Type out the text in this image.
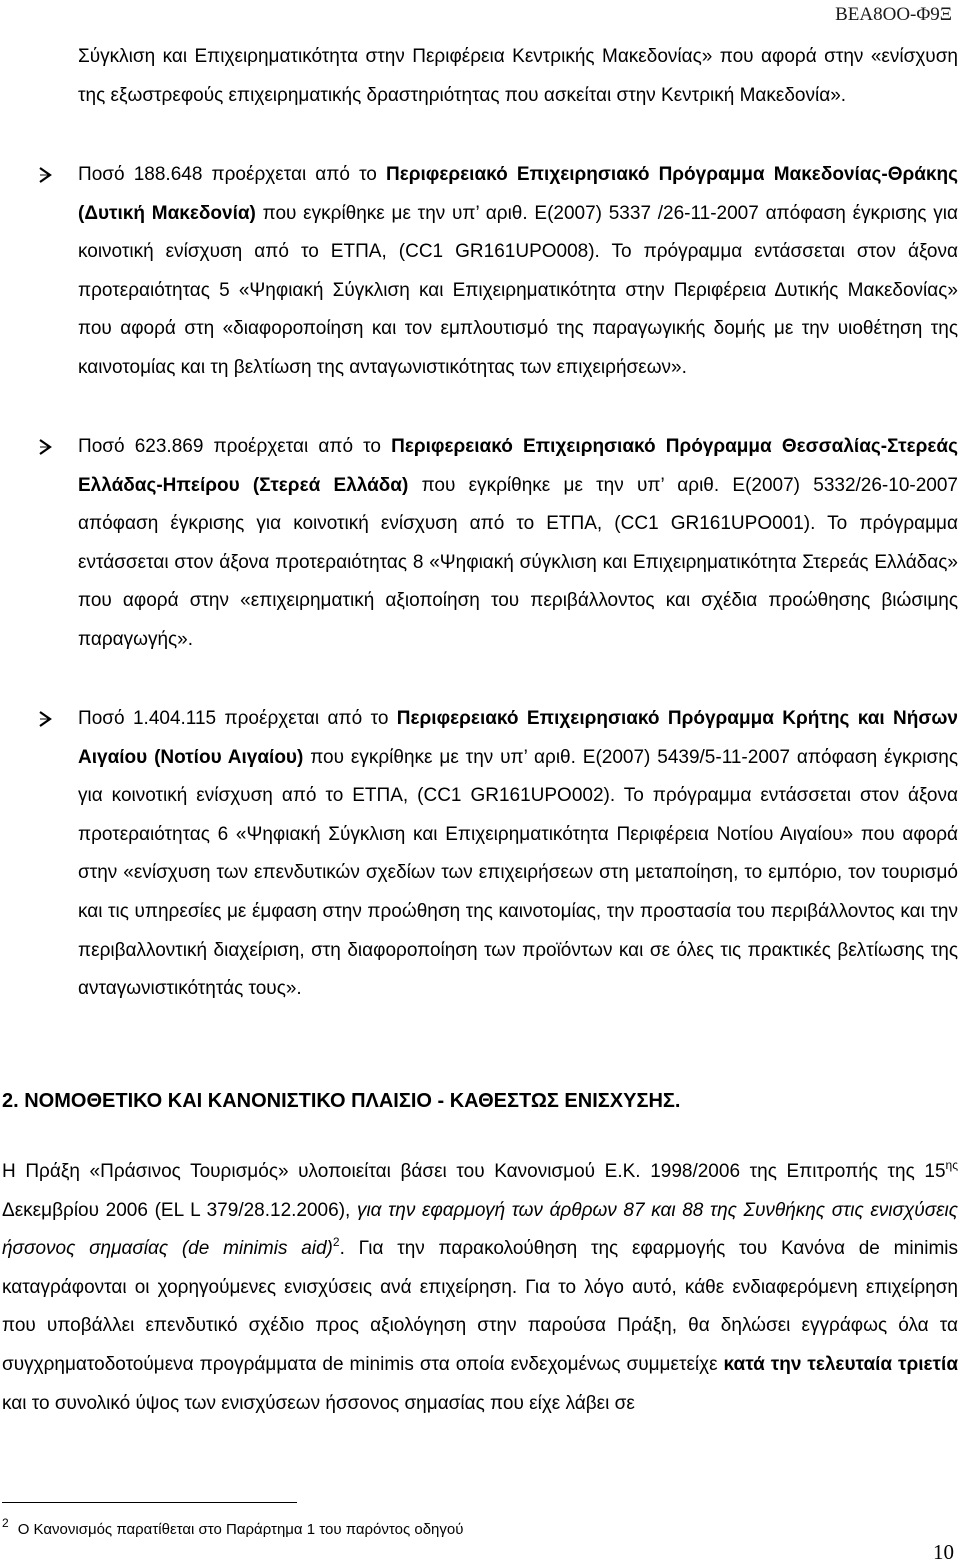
ΒΕΑ8ΟΟ-Φ9Ξ

Σύγκλιση και Επιχειρηματικότητα στην Περιφέρεια Κεντρικής Μακεδονίας» που αφορά στην «ενίσχυση της εξωστρεφούς επιχειρηματικής δραστηριότητας που ασκείται στην Κεντρική Μακεδονία».

Ποσό 188.648 προέρχεται από το Περιφερειακό Επιχειρησιακό Πρόγραμμα Μακεδονίας-Θράκης (Δυτική Μακεδονία) που εγκρίθηκε με την υπ’ αριθ. Ε(2007) 5337 /26-11-2007 απόφαση έγκρισης για κοινοτική ενίσχυση από το ΕΤΠΑ, (CC1 GR161UPO008). Το πρόγραμμα εντάσσεται στον άξονα προτεραιότητας 5 «Ψηφιακή Σύγκλιση και Επιχειρηματικότητα στην Περιφέρεια Δυτικής Μακεδονίας» που αφορά στη «διαφοροποίηση και τον εμπλουτισμό της παραγωγικής δομής με την υιοθέτηση της καινοτομίας και τη βελτίωση της ανταγωνιστικότητας των επιχειρήσεων».

Ποσό 623.869 προέρχεται από το Περιφερειακό Επιχειρησιακό Πρόγραμμα Θεσσαλίας-Στερεάς Ελλάδας-Ηπείρου (Στερεά Ελλάδα) που εγκρίθηκε με την υπ’ αριθ. Ε(2007) 5332/26-10-2007 απόφαση έγκρισης για κοινοτική ενίσχυση από το ΕΤΠΑ, (CC1 GR161UPO001). Το πρόγραμμα εντάσσεται στον άξονα προτεραιότητας 8 «Ψηφιακή σύγκλιση και Επιχειρηματικότητα Στερεάς Ελλάδας» που αφορά στην «επιχειρηματική αξιοποίηση του περιβάλλοντος και σχέδια προώθησης βιώσιμης παραγωγής».

Ποσό 1.404.115 προέρχεται από το Περιφερειακό Επιχειρησιακό Πρόγραμμα Κρήτης και Νήσων Αιγαίου (Νοτίου Αιγαίου) που εγκρίθηκε με την υπ’ αριθ. Ε(2007) 5439/5-11-2007 απόφαση έγκρισης για κοινοτική ενίσχυση από το ΕΤΠΑ, (CC1 GR161UPO002). Το πρόγραμμα εντάσσεται στον άξονα προτεραιότητας 6 «Ψηφιακή Σύγκλιση και Επιχειρηματικότητα Περιφέρεια Νοτίου Αιγαίου» που αφορά στην «ενίσχυση των επενδυτικών σχεδίων των επιχειρήσεων στη μεταποίηση, το εμπόριο, τον τουρισμό και τις υπηρεσίες με έμφαση στην προώθηση της καινοτομίας, την προστασία του περιβάλλοντος και την περιβαλλοντική διαχείριση, στη διαφοροποίηση των προϊόντων και σε όλες τις πρακτικές βελτίωσης της ανταγωνιστικότητάς τους».

2. ΝΟΜΟΘΕΤΙΚΟ ΚΑΙ ΚΑΝΟΝΙΣΤΙΚΟ ΠΛΑΙΣΙΟ - ΚΑΘΕΣΤΩΣ ΕΝΙΣΧΥΣΗΣ.

Η Πράξη «Πράσινος Τουρισμός» υλοποιείται βάσει του Κανονισμού Ε.Κ. 1998/2006 της Επιτροπής της $15^{\eta\varsigma}$ Δεκεμβρίου 2006 (EL L 379/28.12.2006), για την εφαρμογή των άρθρων 87 και 88 της Συνθήκης στις ενισχύσεις ήσσονος σημασίας (de minimis aid)$^2$. Για την παρακολούθηση της εφαρμογής του Κανόνα de minimis καταγράφονται οι χορηγούμενες ενισχύσεις ανά επιχείρηση. Για το λόγο αυτό, κάθε ενδιαφερόμενη επιχείρηση που υποβάλλει επενδυτικό σχέδιο προς αξιολόγηση στην παρούσα Πράξη, θα δηλώσει εγγράφως όλα τα συγχρηματοδοτούμενα προγράμματα de minimis στα οποία ενδεχομένως συμμετείχε κατά την τελευταία τριετία και το συνολικό ύψος των ενισχύσεων ήσσονος σημασίας που είχε λάβει σε

$^2$ Ο Κανονισμός παρατίθεται στο Παράρτημα 1 του παρόντος οδηγού

10
